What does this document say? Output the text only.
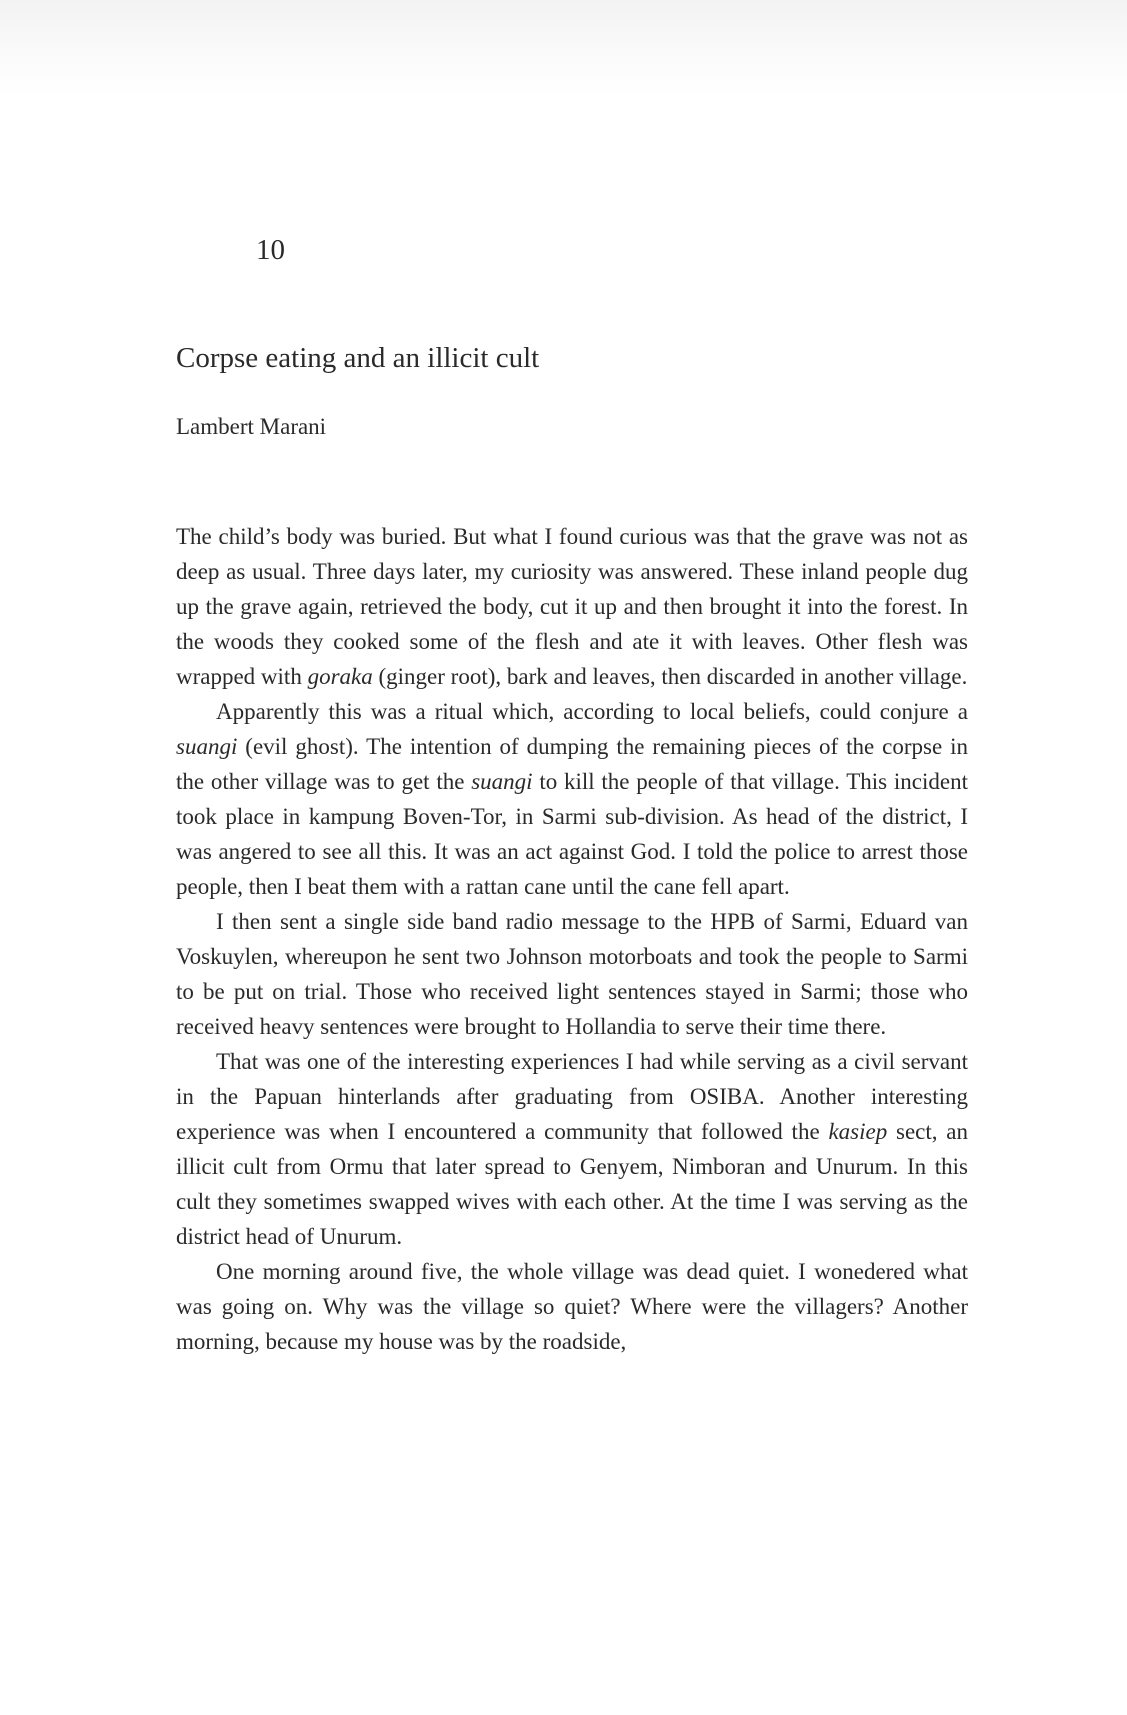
10
Corpse eating and an illicit cult

Lambert Marani

The child’s body was buried. But what I found curious was that the grave was not as deep as usual. Three days later, my curiosity was answered. These inland people dug up the grave again, retrieved the body, cut it up and then brought it into the forest. In the woods they cooked some of the flesh and ate it with leaves. Other flesh was wrapped with goraka (ginger root), bark and leaves, then discarded in another village.

Apparently this was a ritual which, according to local beliefs, could conjure a suangi (evil ghost). The intention of dumping the remaining pieces of the corpse in the other village was to get the suangi to kill the people of that village. This incident took place in kampung Boven-Tor, in Sarmi sub-division. As head of the district, I was angered to see all this. It was an act against God. I told the police to arrest those people, then I beat them with a rattan cane until the cane fell apart.

I then sent a single side band radio message to the HPB of Sarmi, Eduard van Voskuylen, whereupon he sent two Johnson motorboats and took the people to Sarmi to be put on trial. Those who received light sentences stayed in Sarmi; those who received heavy sentences were brought to Hollandia to serve their time there.

That was one of the interesting experiences I had while serving as a civil servant in the Papuan hinterlands after graduating from OSIBA. Another interesting experience was when I encountered a community that followed the kasiep sect, an illicit cult from Ormu that later spread to Genyem, Nimboran and Unurum. In this cult they sometimes swapped wives with each other. At the time I was serving as the district head of Unurum.

One morning around five, the whole village was dead quiet. I wonedered what was going on. Why was the village so quiet? Where were the villagers? Another morning, because my house was by the roadside,
